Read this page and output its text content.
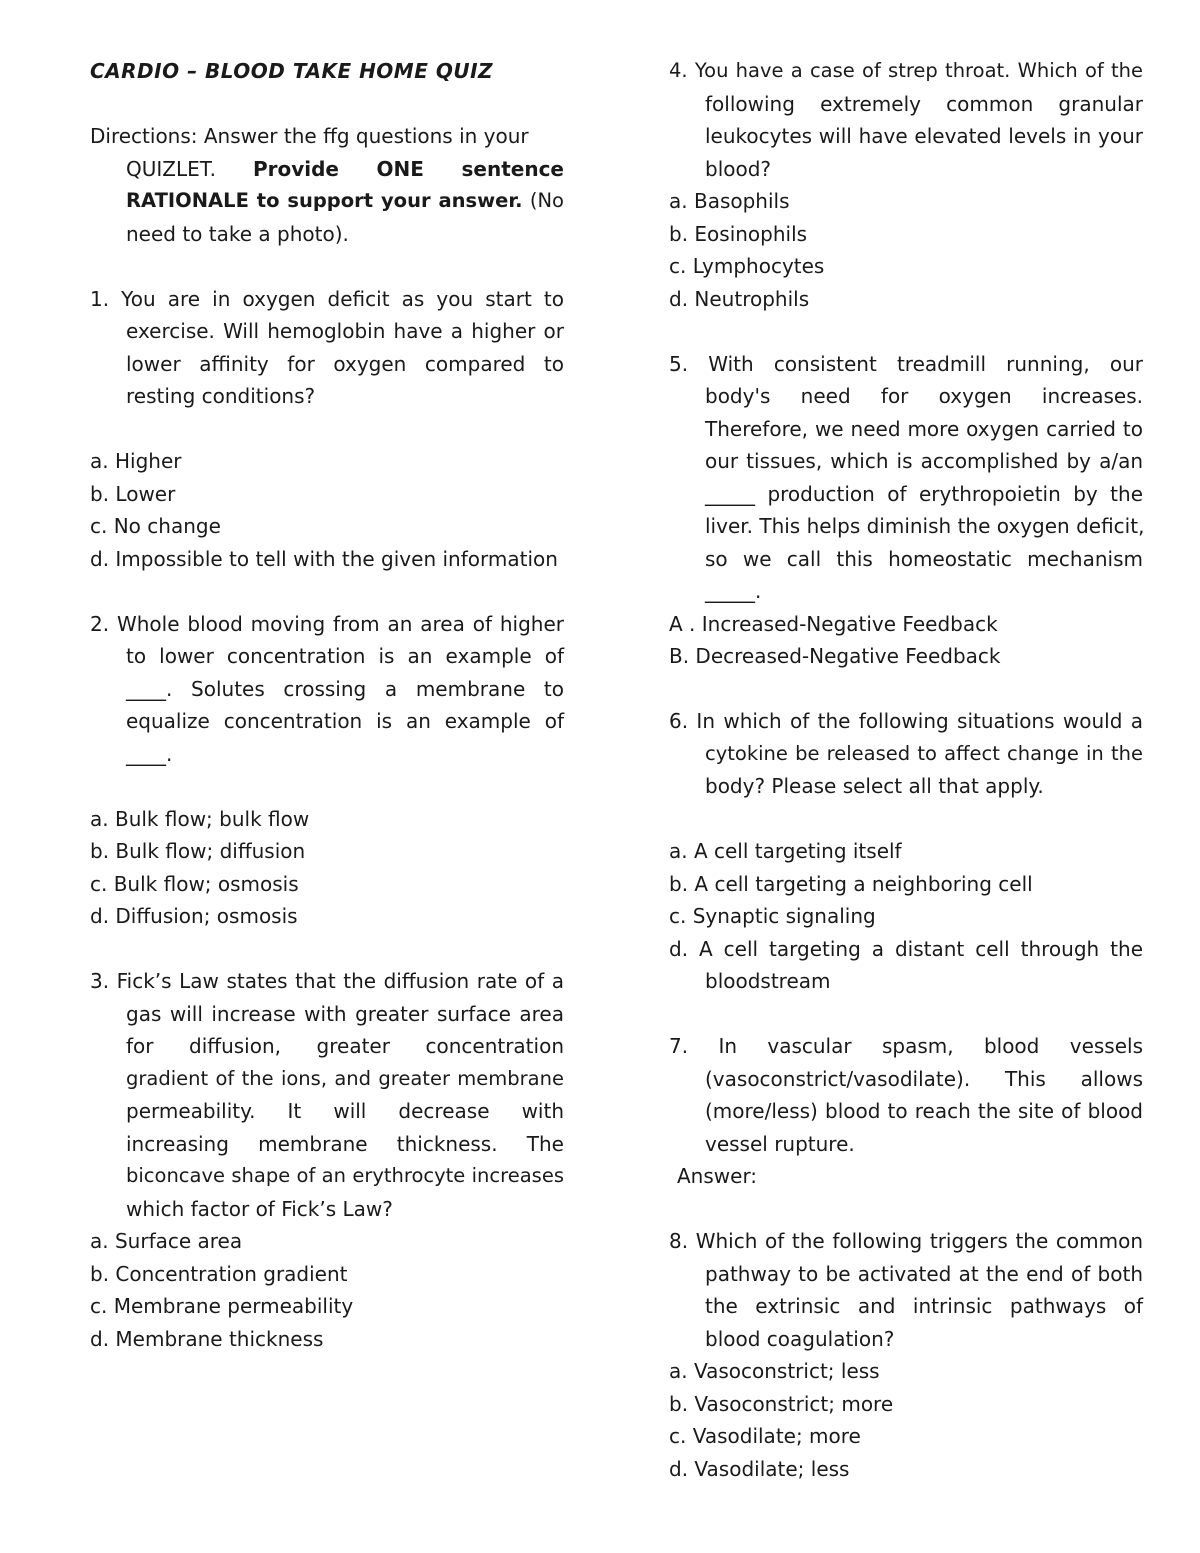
CARDIO – BLOOD TAKE HOME QUIZ
Directions: Answer the ffg questions in your
QUIZLET. Provide ONE sentence
RATIONALE to support your answer. (No
need to take a photo).
1. You are in oxygen deficit as you start to
exercise. Will hemoglobin have a higher or
lower affinity for oxygen compared to
resting conditions?
a. Higher
b. Lower
c. No change
d. Impossible to tell with the given information
2. Whole blood moving from an area of higher
to lower concentration is an example of
____. Solutes crossing a membrane to
equalize concentration is an example of
____.
a. Bulk flow; bulk flow
b. Bulk flow; diffusion
c. Bulk flow; osmosis
d. Diffusion; osmosis
3. Fick’s Law states that the diffusion rate of a
gas will increase with greater surface area
for diffusion, greater concentration
gradient of the ions, and greater membrane
permeability. It will decrease with
increasing membrane thickness. The
biconcave shape of an erythrocyte increases
which factor of Fick’s Law?
a. Surface area
b. Concentration gradient
c. Membrane permeability
d. Membrane thickness
4. You have a case of strep throat. Which of the
following extremely common granular
leukocytes will have elevated levels in your
blood?
a. Basophils
b. Eosinophils
c. Lymphocytes
d. Neutrophils
5. With consistent treadmill running, our
body's need for oxygen increases.
Therefore, we need more oxygen carried to
our tissues, which is accomplished by a/an
_____ production of erythropoietin by the
liver. This helps diminish the oxygen deficit,
so we call this homeostatic mechanism
_____.
A . Increased-Negative Feedback
B. Decreased-Negative Feedback
6. In which of the following situations would a
cytokine be released to affect change in the
body? Please select all that apply.
a. A cell targeting itself
b. A cell targeting a neighboring cell
c. Synaptic signaling
d. A cell targeting a distant cell through the
bloodstream
7. In vascular spasm, blood vessels
(vasoconstrict/vasodilate). This allows
(more/less) blood to reach the site of blood
vessel rupture.
Answer:
8. Which of the following triggers the common
pathway to be activated at the end of both
the extrinsic and intrinsic pathways of
blood coagulation?
a. Vasoconstrict; less
b. Vasoconstrict; more
c. Vasodilate; more
d. Vasodilate; less
